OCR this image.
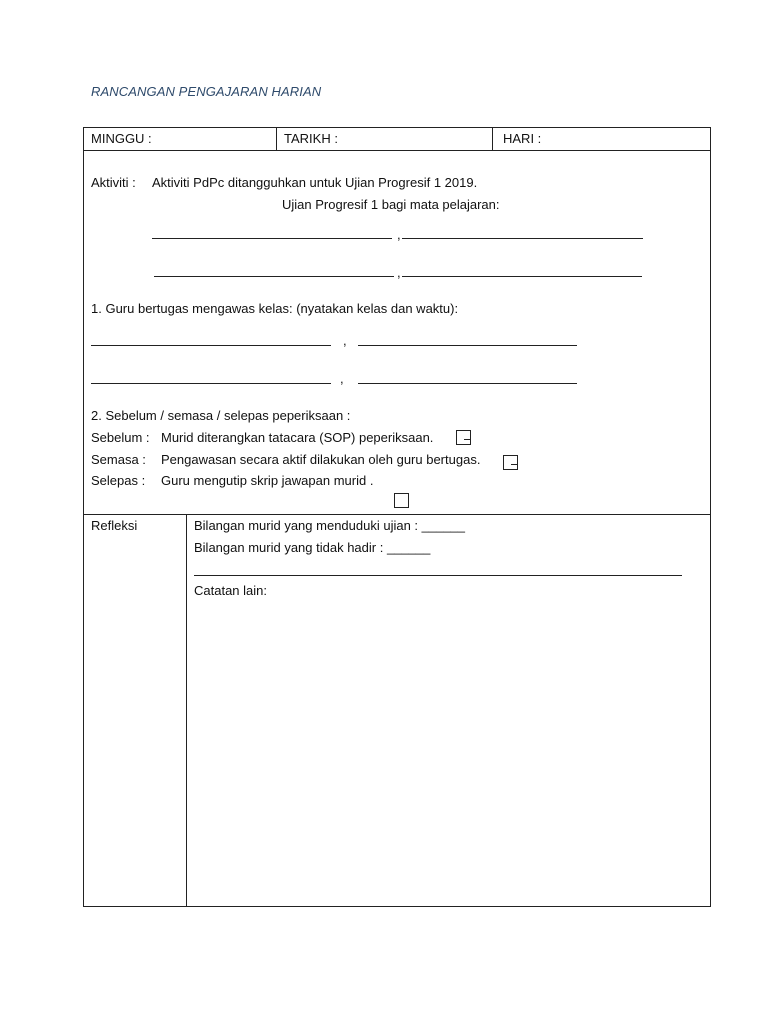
RANCANGAN PENGAJARAN HARIAN
MINGGU :	TARIKH :	HARI :
Aktiviti : Aktiviti PdPc ditangguhkan untuk Ujian Progresif 1 2019.
Ujian Progresif 1 bagi mata pelajaran:
,
,
1. Guru bertugas mengawas kelas: (nyatakan kelas dan waktu):
,
,
2. Sebelum / semasa / selepas peperiksaan :
Sebelum : Murid diterangkan tatacara (SOP) peperiksaan.
Semasa : Pengawasan secara aktif dilakukan oleh guru bertugas.
Selepas : Guru mengutip skrip jawapan murid .
Refleksi	Bilangan murid yang menduduki ujian : ______
Bilangan murid yang tidak hadir : ______
Catatan lain:
